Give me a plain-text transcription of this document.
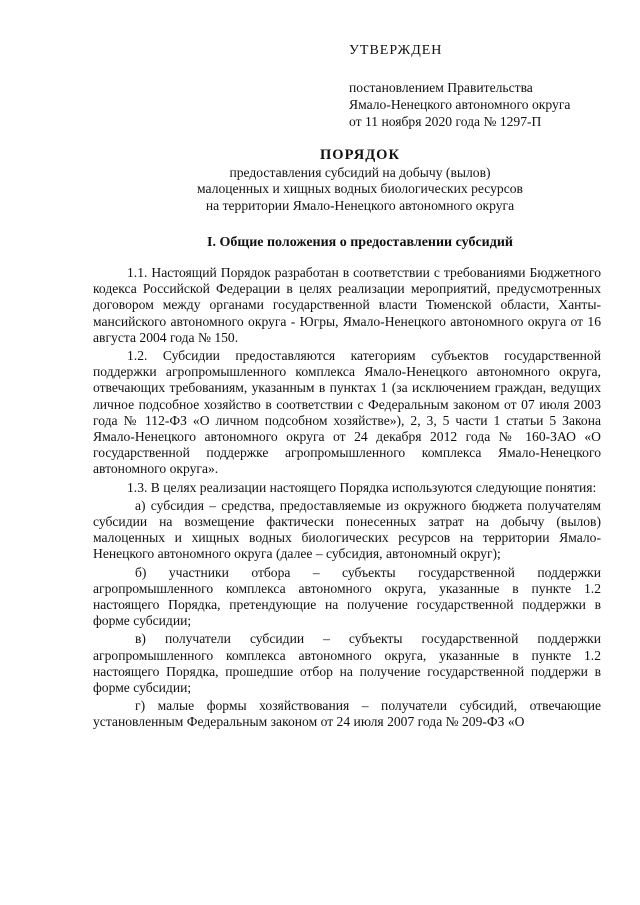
УТВЕРЖДЕН
постановлением Правительства
Ямало-Ненецкого автономного округа
от 11 ноября 2020 года № 1297-П
ПОРЯДОК
предоставления субсидий на добычу (вылов)
малоценных и хищных водных биологических ресурсов
на территории Ямало-Ненецкого автономного округа
I. Общие положения о предоставлении субсидий

1.1. Настоящий Порядок разработан в соответствии с требованиями Бюджетного кодекса Российской Федерации в целях реализации мероприятий, предусмотренных договором между органами государственной власти Тюменской области, Ханты-мансийского автономного округа - Югры, Ямало-Ненецкого автономного округа от 16 августа 2004 года № 150.

1.2. Субсидии предоставляются категориям субъектов государственной поддержки агропромышленного комплекса Ямало-Ненецкого автономного округа, отвечающих требованиям, указанным в пунктах 1 (за исключением граждан, ведущих личное подсобное хозяйство в соответствии с Федеральным законом от 07 июля 2003 года № 112-ФЗ «О личном подсобном хозяйстве»), 2, 3, 5 части 1 статьи 5 Закона Ямало-Ненецкого автономного округа от 24 декабря 2012 года № 160-ЗАО «О государственной поддержке агропромышленного комплекса Ямало-Ненецкого автономного округа».

1.3. В целях реализации настоящего Порядка используются следующие понятия:

а) субсидия – средства, предоставляемые из окружного бюджета получателям субсидии на возмещение фактически понесенных затрат на добычу (вылов) малоценных и хищных водных биологических ресурсов на территории Ямало-Ненецкого автономного округа (далее – субсидия, автономный округ);

б) участники отбора – субъекты государственной поддержки агропромышленного комплекса автономного округа, указанные в пункте 1.2 настоящего Порядка, претендующие на получение государственной поддержки в форме субсидии;

в) получатели субсидии – субъекты государственной поддержки агропромышленного комплекса автономного округа, указанные в пункте 1.2 настоящего Порядка, прошедшие отбор на получение государственной поддержи в форме субсидии;

г) малые формы хозяйствования – получатели субсидий, отвечающие установленным Федеральным законом от 24 июля 2007 года № 209-ФЗ «О
